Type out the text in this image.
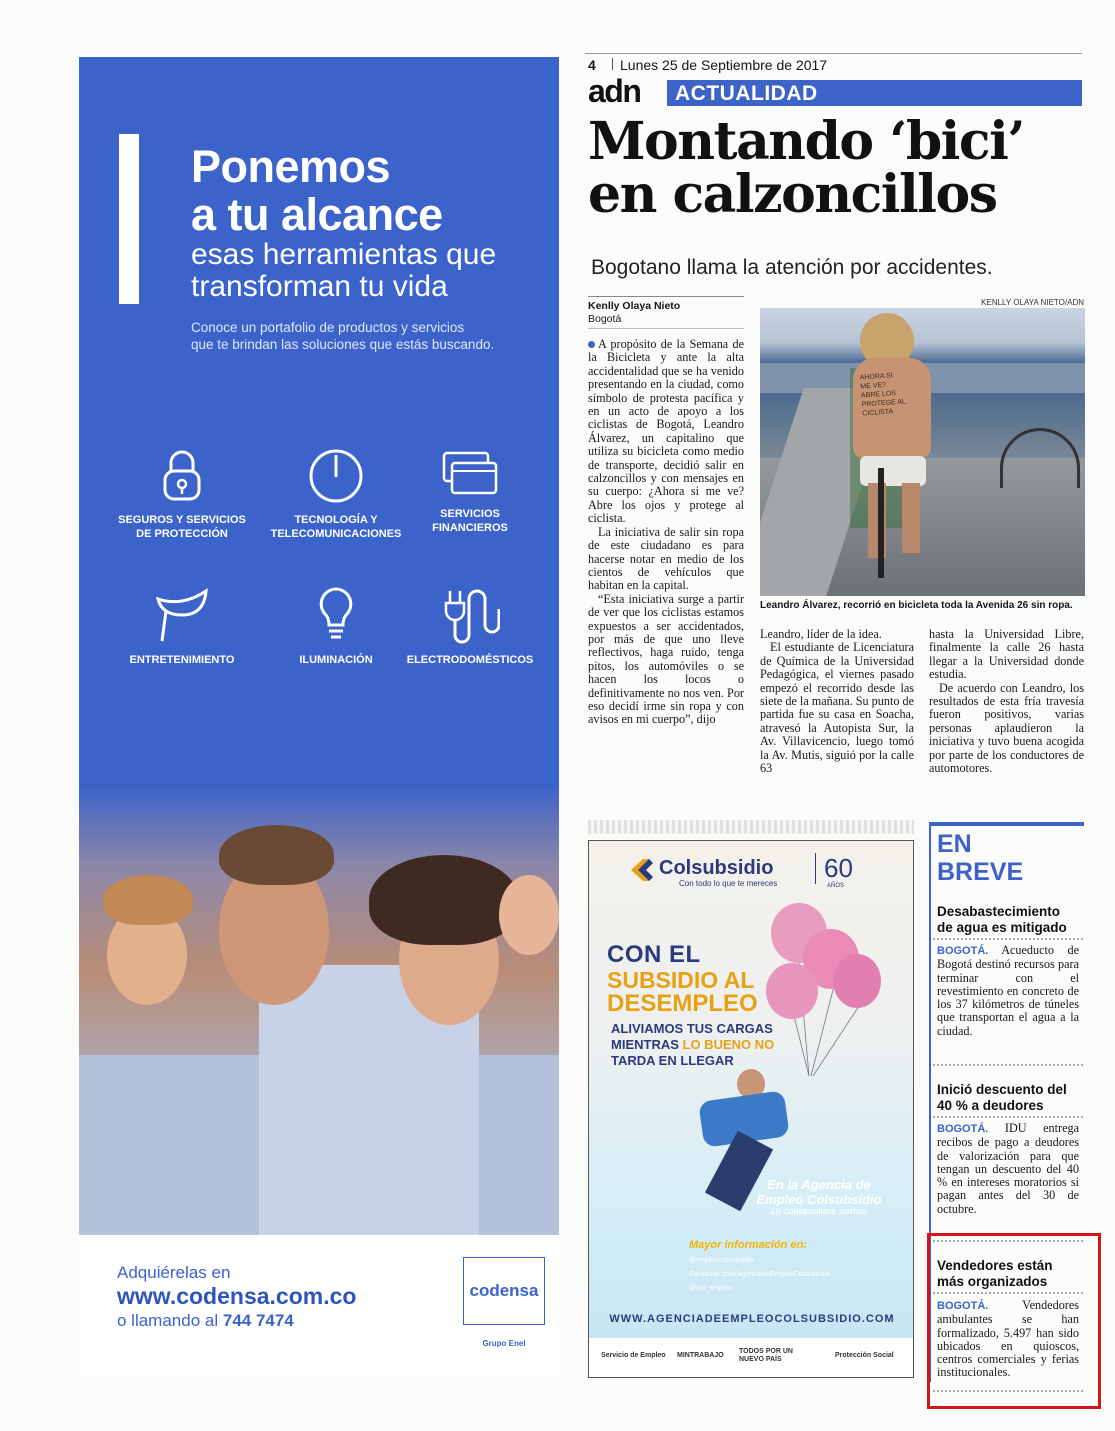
Ponemos
a tu alcance
esas herramientas que
transforman tu vida
Conoce un portafolio de productos y servicios
que te brindan las soluciones que estás buscando.
SEGUROS Y SERVICIOS
DE PROTECCIÓN
TECNOLOGÍA Y
TELECOMUNICACIONES
SERVICIOS
FINANCIEROS
ENTRETENIMIENTO	ILUMINACIÓN	ELECTRODOMÉSTICOS
Adquiérelas en
www.codensa.com.co
o llamando al 744 7474
codensa
Grupo Enel
4 Lunes 25 de Septiembre de 2017
adn ACTUALIDAD
Montando ‘bici’
en calzoncillos
Bogotano llama la atención por accidentes.
Kenlly Olaya Nieto
Bogotá
KENLLY OLAYA NIETO/ADN
AHORA SI
ME VE?
ABRE LOS
PROTEGE AL
CICLISTA
Leandro Álvarez, recorrió en bicicleta toda la Avenida 26 sin ropa.

A propósito de la Semana de la Bicicleta y ante la alta accidentalidad que se ha venido presentando en la ciudad, como símbolo de protesta pacífica y en un acto de apoyo a los ciclistas de Bogotá, Leandro Álvarez, un capitalino que utiliza su bicicleta como medio de transporte, decidió salir en calzoncillos y con mensajes en su cuerpo: ¿Ahora si me ve? Abre los ojos y protege al ciclista.

La iniciativa de salir sin ropa de este ciudadano es para hacerse notar en medio de los cientos de vehículos que habitan en la capital.

“Esta iniciativa surge a partir de ver que los ciclistas estamos expuestos a ser accidentados, por más de que uno lleve reflectivos, haga ruido, tenga pitos, los automóviles o se hacen los locos o definitivamente no nos ven. Por eso decidí irme sin ropa y con avisos en mi cuerpo”, dijo

Leandro, líder de la idea.

El estudiante de Licenciatura de Química de la Universidad Pedagógica, el viernes pasado empezó el recorrido desde las siete de la mañana. Su punto de partida fue su casa en Soacha, atravesó la Autopista Sur, la Av. Villavicencio, luego tomó la Av. Mutis, siguió por la calle 63

hasta la Universidad Libre, finalmente la calle 26 hasta llegar a la Universidad donde estudia.

De acuerdo con Leandro, los resultados de esta fría travesía fueron positivos, varias personas aplaudieron la iniciativa y tuvo buena acogida por parte de los conductores de automotores.

Colsubsidio
Con todo lo que te mereces
60
AÑOS
CON EL
SUBSIDIO AL
DESEMPLEO
ALIVIAMOS TUS CARGAS
MIENTRAS LO BUENO NO
TARDA EN LLEGAR
En la Agencia de
Empleo Colsubsidio
LO CONSEGUIMOS JUNTOS
Mayor información en:
@empleocolsubsidio
Facebook.com/AgenciadeEmpleoColsubsidio
@col_empleo
WWW.AGENCIADEEMPLEOCOLSUBSIDIO.COM
Servicio de Empleo MINTRABAJO
TODOS POR UN NUEVO PAÍS
Protección Social
EN
BREVE
Desabastecimiento
de agua es mitigado
BOGOTÁ. Acueducto de Bogotá destinó recursos para terminar con el revestimiento en concreto de los 37 kilómetros de túneles que transportan el agua a la ciudad.
Inició descuento del
40 % a deudores
BOGOTÁ. IDU entrega recibos de pago a deudores de valorización para que tengan un descuento del 40 % en intereses moratorios si pagan antes del 30 de octubre.
Vendedores están
más organizados
BOGOTÁ.	Vendedores ambulantes se han formalizado, 5.497 han sido ubicados en quioscos, centros comerciales y ferias institucionales.
